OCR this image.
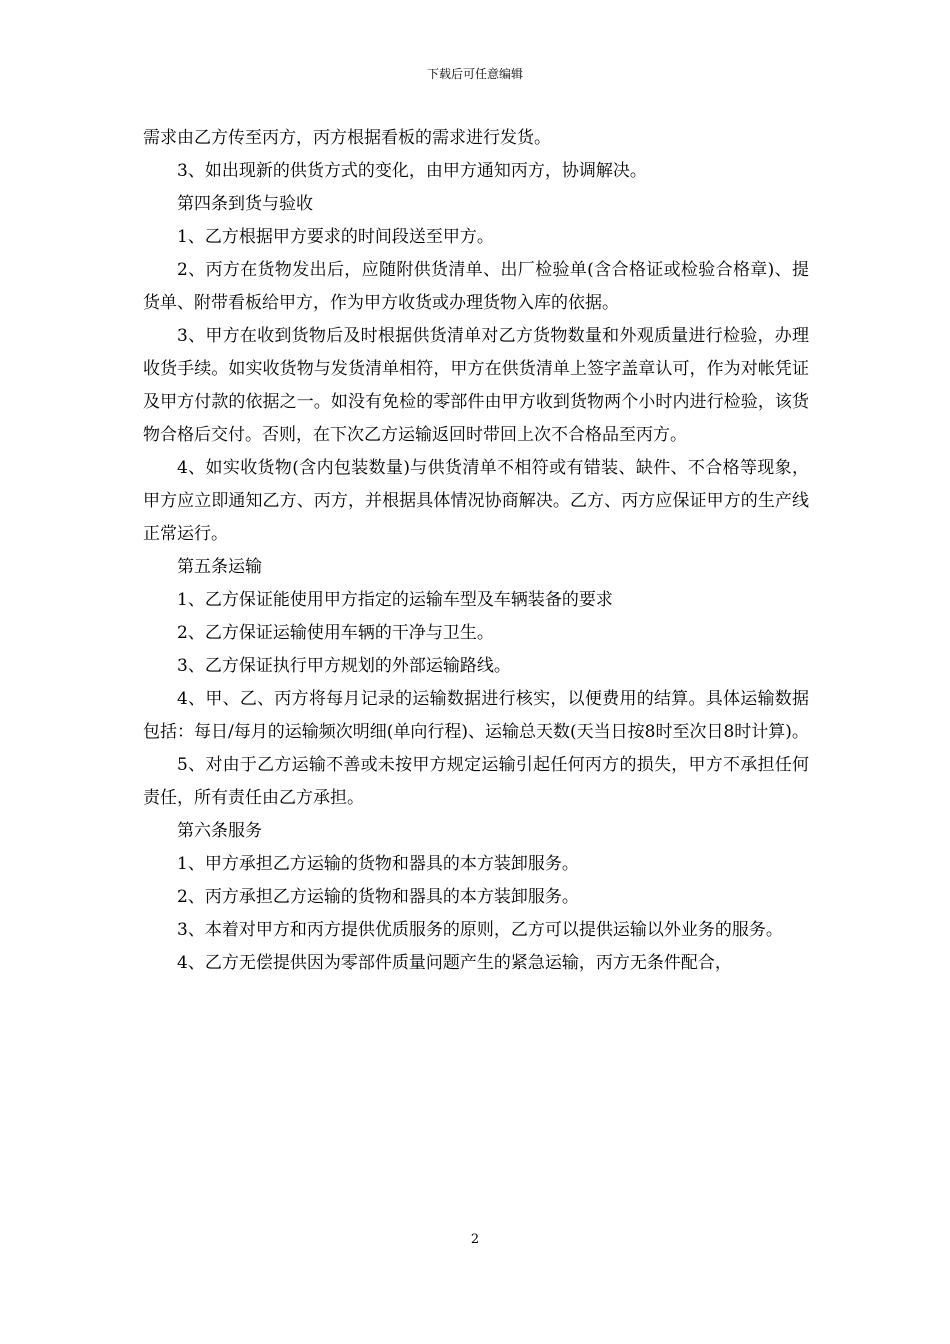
下载后可任意编辑

需求由乙方传至丙方，丙方根据看板的需求进行发货。

3、如出现新的供货方式的变化，由甲方通知丙方，协调解决。

第四条到货与验收

1、乙方根据甲方要求的时间段送至甲方。

2、丙方在货物发出后，应随附供货清单、出厂检验单(含合格证或检验合格章)、提货单、附带看板给甲方，作为甲方收货或办理货物入库的依据。

3、甲方在收到货物后及时根据供货清单对乙方货物数量和外观质量进行检验，办理收货手续。如实收货物与发货清单相符，甲方在供货清单上签字盖章认可，作为对帐凭证及甲方付款的依据之一。如没有免检的零部件由甲方收到货物两个小时内进行检验，该货物合格后交付。否则，在下次乙方运输返回时带回上次不合格品至丙方。

4、如实收货物(含内包装数量)与供货清单不相符或有错装、缺件、不合格等现象，甲方应立即通知乙方、丙方，并根据具体情况协商解决。乙方、丙方应保证甲方的生产线正常运行。

第五条运输

1、乙方保证能使用甲方指定的运输车型及车辆装备的要求

2、乙方保证运输使用车辆的干净与卫生。

3、乙方保证执行甲方规划的外部运输路线。

4、甲、乙、丙方将每月记录的运输数据进行核实，以便费用的结算。具体运输数据包括：每日/每月的运输频次明细(单向行程)、运输总天数(天当日按8时至次日8时计算)。

5、对由于乙方运输不善或未按甲方规定运输引起任何丙方的损失，甲方不承担任何责任，所有责任由乙方承担。

第六条服务

1、甲方承担乙方运输的货物和器具的本方装卸服务。

2、丙方承担乙方运输的货物和器具的本方装卸服务。

3、本着对甲方和丙方提供优质服务的原则，乙方可以提供运输以外业务的服务。

4、乙方无偿提供因为零部件质量问题产生的紧急运输，丙方无条件配合，

2
